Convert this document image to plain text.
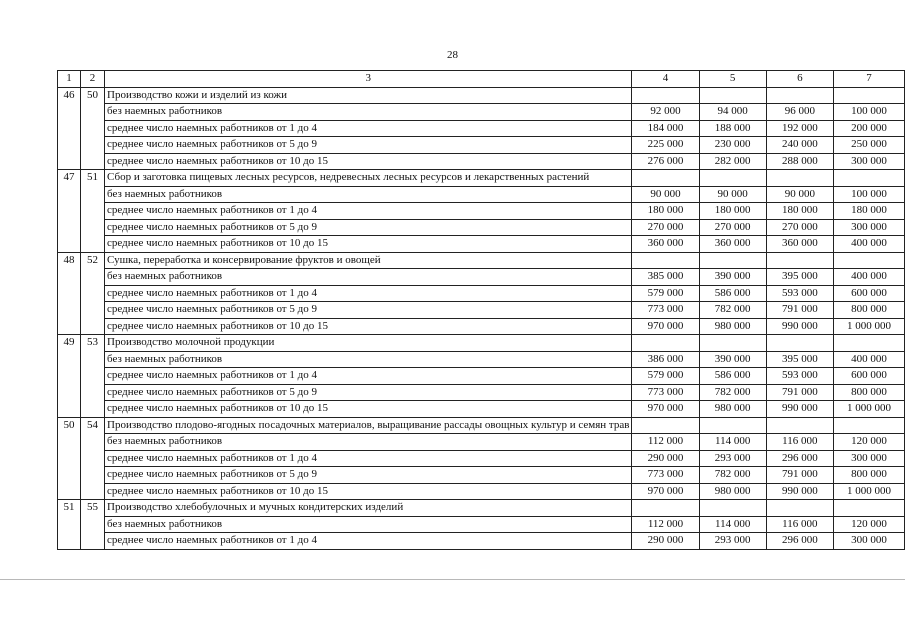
28
1	2	3	4	5	6	7
46	50	Производство кожи и изделий из кожи				
		без наемных работников	92 000	94 000	96 000	100 000
		среднее число наемных работников от 1 до 4	184 000	188 000	192 000	200 000
		среднее число наемных работников от 5 до 9	225 000	230 000	240 000	250 000
		среднее число наемных работников от 10 до 15	276 000	282 000	288 000	300 000
47	51	Сбор и заготовка пищевых лесных ресурсов, недревесных лесных ресурсов и лекарственных растений				
		без наемных работников	90 000	90 000	90 000	100 000
		среднее число наемных работников от 1 до 4	180 000	180 000	180 000	180 000
		среднее число наемных работников от 5 до 9	270 000	270 000	270 000	300 000
		среднее число наемных работников от 10 до 15	360 000	360 000	360 000	400 000
48	52	Сушка, переработка и консервирование фруктов и овощей				
		без наемных работников	385 000	390 000	395 000	400 000
		среднее число наемных работников от 1 до 4	579 000	586 000	593 000	600 000
		среднее число наемных работников от 5 до 9	773 000	782 000	791 000	800 000
		среднее число наемных работников от 10 до 15	970 000	980 000	990 000	1 000 000
49	53	Производство молочной продукции				
		без наемных работников	386 000	390 000	395 000	400 000
		среднее число наемных работников от 1 до 4	579 000	586 000	593 000	600 000
		среднее число наемных работников от 5 до 9	773 000	782 000	791 000	800 000
		среднее число наемных работников от 10 до 15	970 000	980 000	990 000	1 000 000
50	54	Производство плодово-ягодных посадочных материалов, выращивание рассады овощных культур и семян трав				
		без наемных работников	112 000	114 000	116 000	120 000
		среднее число наемных работников от 1 до 4	290 000	293 000	296 000	300 000
		среднее число наемных работников от 5 до 9	773 000	782 000	791 000	800 000
		среднее число наемных работников от 10 до 15	970 000	980 000	990 000	1 000 000
51	55	Производство хлебобулочных и мучных кондитерских изделий				
		без наемных работников	112 000	114 000	116 000	120 000
		среднее число наемных работников от 1 до 4	290 000	293 000	296 000	300 000
